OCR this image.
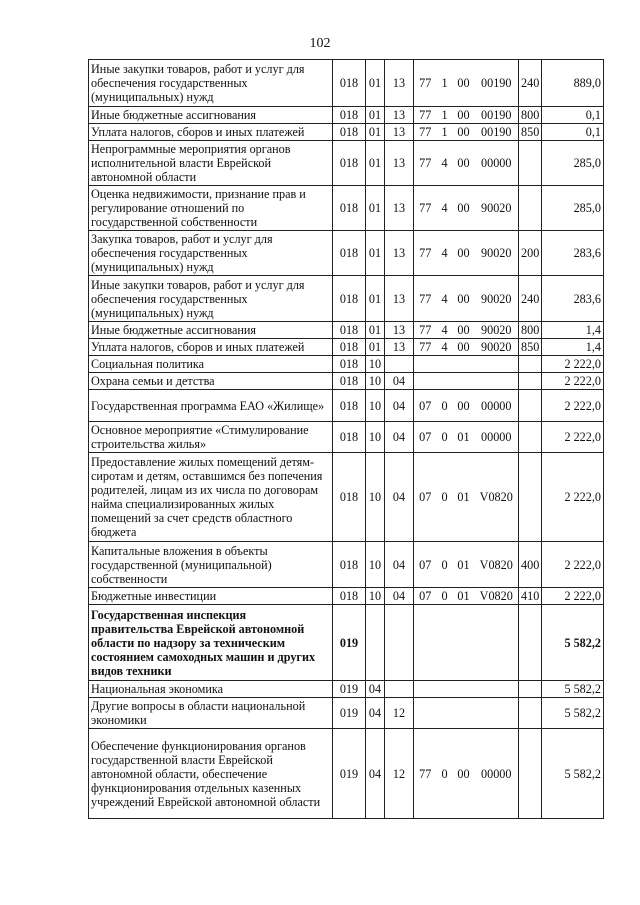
102
Иные закупки товаров, работ и услуг для обеспечения государственных (муниципальных) нужд	018	01	13	77	1	00	00190	240	889,0
Иные бюджетные ассигнования	018	01	13	77	1	00	00190	800	0,1
Уплата налогов, сборов и иных платежей	018	01	13	77	1	00	00190	850	0,1
Непрограммные мероприятия органов исполнительной власти Еврейской автономной области	018	01	13	77	4	00	00000		285,0
Оценка недвижимости, признание прав и регулирование отношений по государственной собственности	018	01	13	77	4	00	90020		285,0
Закупка товаров, работ и услуг для обеспечения государственных (муниципальных) нужд	018	01	13	77	4	00	90020	200	283,6
Иные закупки товаров, работ и услуг для обеспечения государственных (муниципальных) нужд	018	01	13	77	4	00	90020	240	283,6
Иные бюджетные ассигнования	018	01	13	77	4	00	90020	800	1,4
Уплата налогов, сборов и иных платежей	018	01	13	77	4	00	90020	850	1,4
Социальная политика	018	10							2 222,0
Охрана семьи и детства	018	10	04						2 222,0
Государственная программа ЕАО «Жилище»	018	10	04	07	0	00	00000		2 222,0
Основное мероприятие «Стимулирование строительства жилья»	018	10	04	07	0	01	00000		2 222,0
Предоставление жилых помещений детям-сиротам и детям, оставшимся без попечения родителей, лицам из их числа по договорам найма специализированных жилых помещений за счет средств областного бюджета	018	10	04	07	0	01	V0820		2 222,0
Капитальные вложения в объекты государственной (муниципальной) собственности	018	10	04	07	0	01	V0820	400	2 222,0
Бюджетные инвестиции	018	10	04	07	0	01	V0820	410	2 222,0
Государственная инспекция правительства Еврейской автономной области по надзору за техническим состоянием самоходных машин и других видов техники	019								5 582,2
Национальная экономика	019	04							5 582,2
Другие вопросы в области национальной экономики	019	04	12						5 582,2
Обеспечение функционирования органов государственной власти Еврейской автономной области, обеспечение функционирования отдельных казенных учреждений Еврейской автономной области	019	04	12	77	0	00	00000		5 582,2
